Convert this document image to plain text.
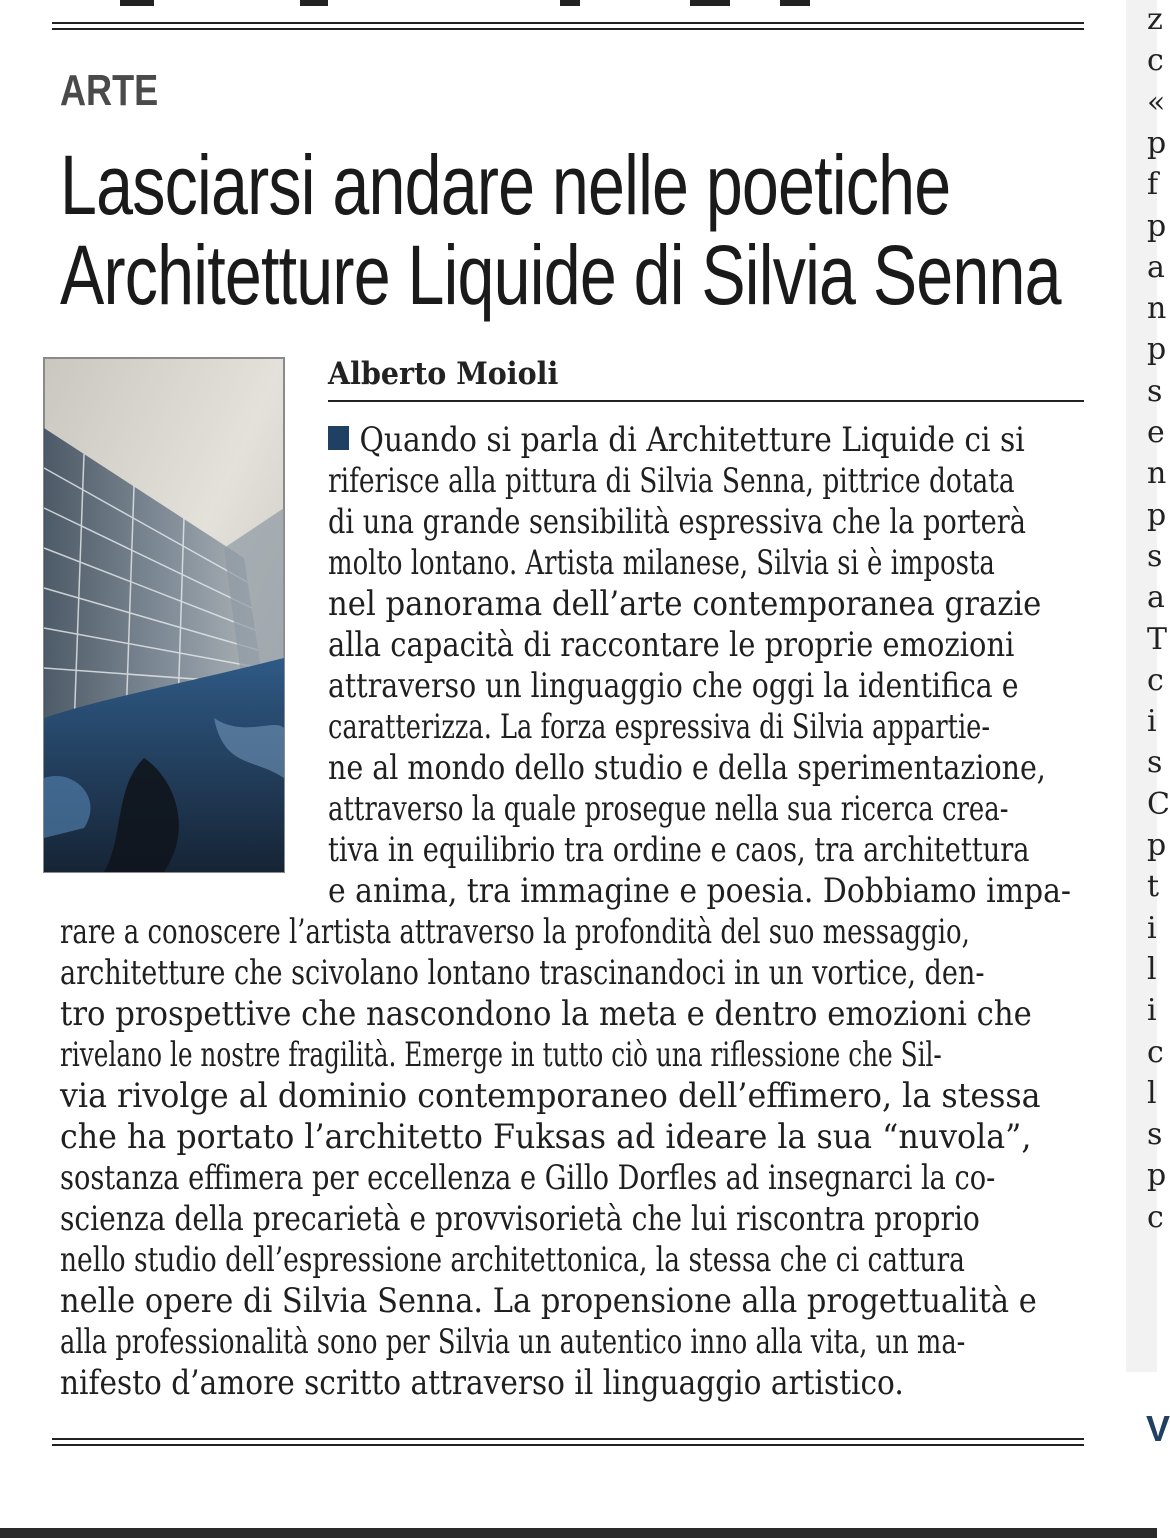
ARTE
Lasciarsi andare nelle poetiche
Architetture Liquide di Silvia Senna
Alberto Moioli
Quando si parla di Architetture Liquide ci si
riferisce alla pittura di Silvia Senna, pittrice dotata
di una grande sensibilità espressiva che la porterà
molto lontano. Artista milanese, Silvia si è imposta
nel panorama dell’arte contemporanea grazie
alla capacità di raccontare le proprie emozioni
attraverso un linguaggio che oggi la identifica e
caratterizza. La forza espressiva di Silvia appartie-
ne al mondo dello studio e della sperimentazione,
attraverso la quale prosegue nella sua ricerca crea-
tiva in equilibrio tra ordine e caos, tra architettura
e anima, tra immagine e poesia. Dobbiamo impa-
rare a conoscere l’artista attraverso la profondità del suo messaggio,
architetture che scivolano lontano trascinandoci in un vortice, den-
tro prospettive che nascondono la meta e dentro emozioni che
rivelano le nostre fragilità. Emerge in tutto ciò una riflessione che Sil-
via rivolge al dominio contemporaneo dell’effimero, la stessa
che ha portato l’architetto Fuksas ad ideare la sua “nuvola”,
sostanza effimera per eccellenza e Gillo Dorfles ad insegnarci la co-
scienza della precarietà e provvisorietà che lui riscontra proprio
nello studio dell’espressione architettonica, la stessa che ci cattura
nelle opere di Silvia Senna. La propensione alla progettualità e
alla professionalità sono per Silvia un autentico inno alla vita, un ma-
nifesto d’amore scritto attraverso il linguaggio artistico.
z
c
«
p
f
p
a
n
p
s
e
n
p
s
a
T
c
i
s
C
p
t
i
l
i
c
l
s
p
c
V
